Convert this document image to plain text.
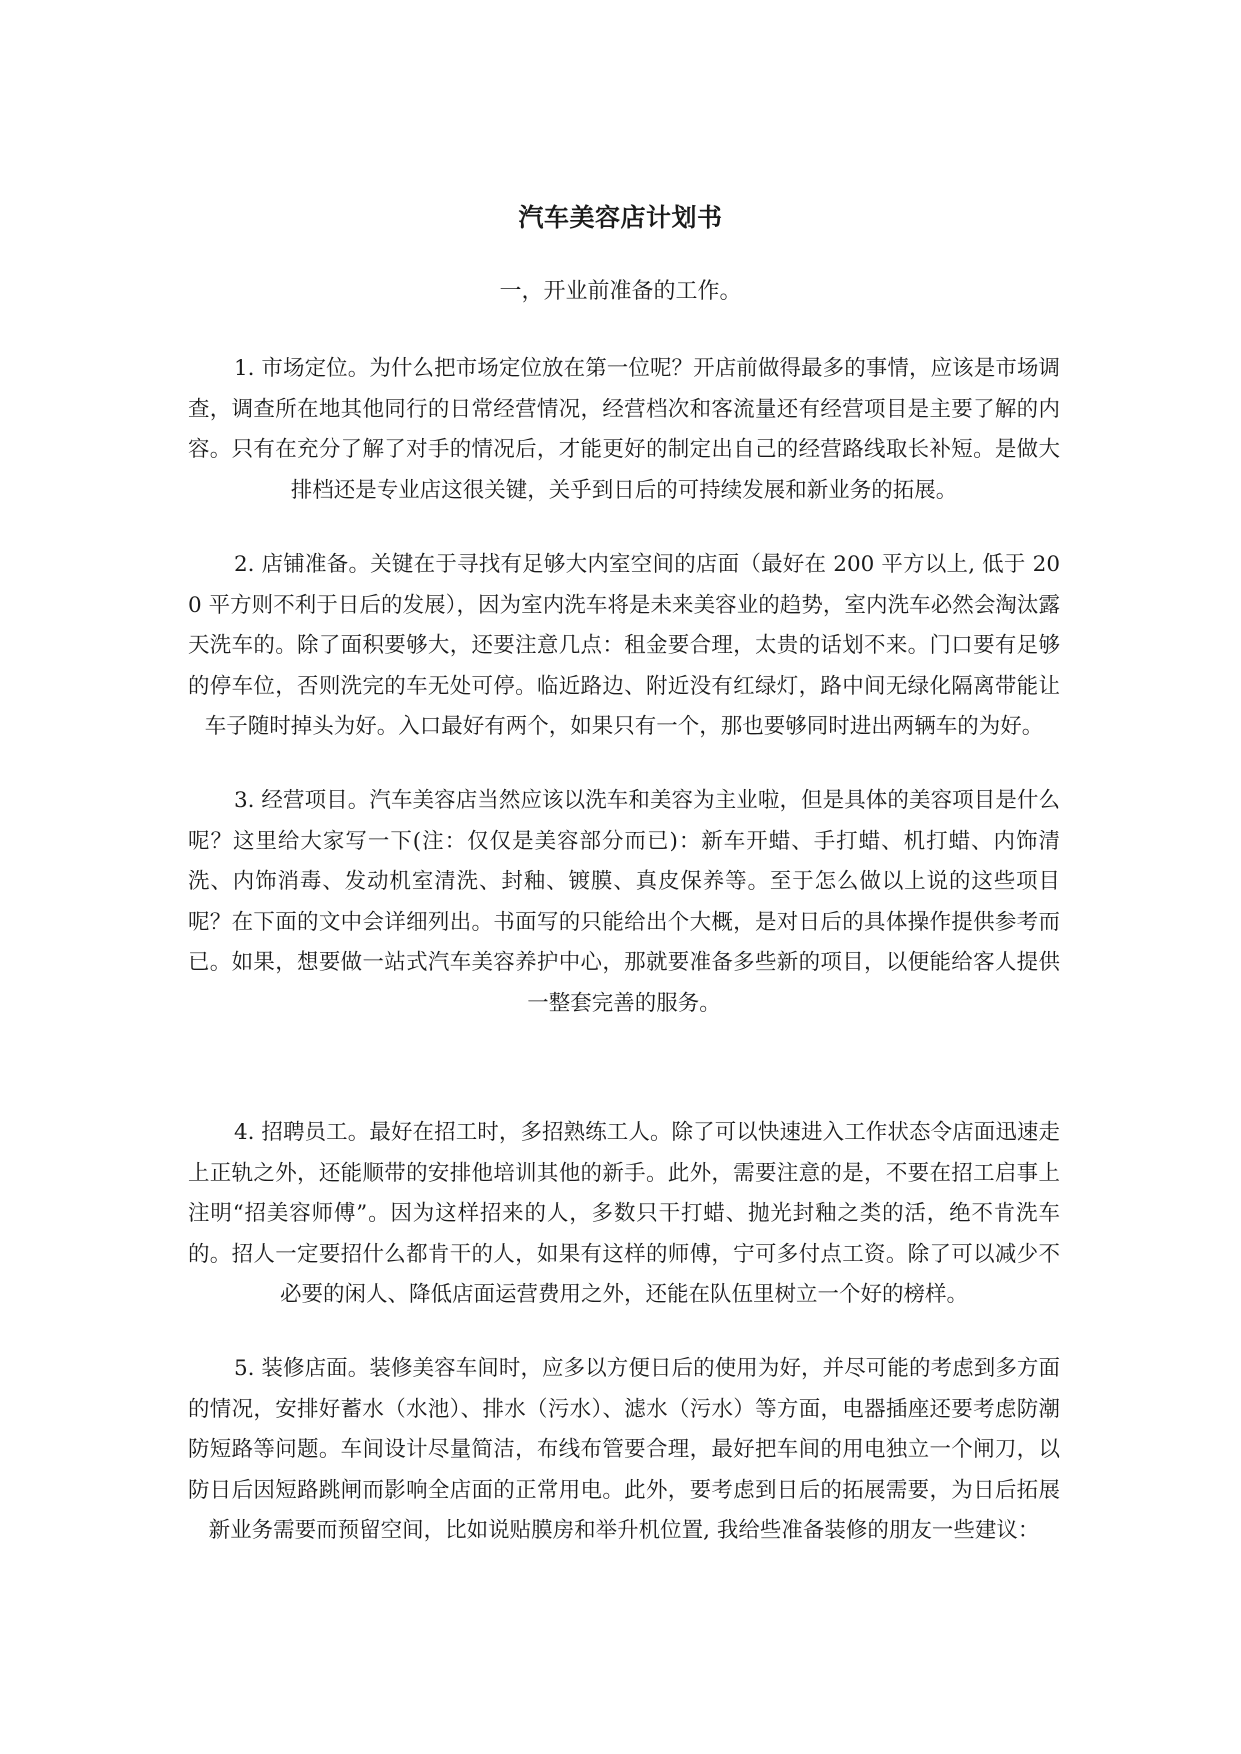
汽车美容店计划书
一，开业前准备的工作。

1. 市场定位。为什么把市场定位放在第一位呢？开店前做得最多的事情，应该是市场调查，调查所在地其他同行的日常经营情况，经营档次和客流量还有经营项目是主要了解的内容。只有在充分了解了对手的情况后，才能更好的制定出自己的经营路线取长补短。是做大排档还是专业店这很关键，关乎到日后的可持续发展和新业务的拓展。

2. 店铺准备。关键在于寻找有足够大内室空间的店面（最好在 200 平方以上, 低于 200 平方则不利于日后的发展），因为室内洗车将是未来美容业的趋势，室内洗车必然会淘汰露天洗车的。除了面积要够大，还要注意几点：租金要合理，太贵的话划不来。门口要有足够的停车位，否则洗完的车无处可停。临近路边、附近没有红绿灯，路中间无绿化隔离带能让车子随时掉头为好。入口最好有两个，如果只有一个，那也要够同时进出两辆车的为好。

3. 经营项目。汽车美容店当然应该以洗车和美容为主业啦，但是具体的美容项目是什么呢？这里给大家写一下(注：仅仅是美容部分而已)：新车开蜡、手打蜡、机打蜡、内饰清洗、内饰消毒、发动机室清洗、封釉、镀膜、真皮保养等。至于怎么做以上说的这些项目呢？在下面的文中会详细列出。书面写的只能给出个大概，是对日后的具体操作提供参考而已。如果，想要做一站式汽车美容养护中心，那就要准备多些新的项目，以便能给客人提供一整套完善的服务。

4. 招聘员工。最好在招工时，多招熟练工人。除了可以快速进入工作状态令店面迅速走上正轨之外，还能顺带的安排他培训其他的新手。此外，需要注意的是，不要在招工启事上注明“招美容师傅”。因为这样招来的人，多数只干打蜡、抛光封釉之类的活，绝不肯洗车的。招人一定要招什么都肯干的人，如果有这样的师傅，宁可多付点工资。除了可以减少不必要的闲人、降低店面运营费用之外，还能在队伍里树立一个好的榜样。

5. 装修店面。装修美容车间时，应多以方便日后的使用为好，并尽可能的考虑到多方面的情况，安排好蓄水（水池）、排水（污水）、滤水（污水）等方面，电器插座还要考虑防潮防短路等问题。车间设计尽量简洁，布线布管要合理，最好把车间的用电独立一个闸刀，以防日后因短路跳闸而影响全店面的正常用电。此外，要考虑到日后的拓展需要，为日后拓展新业务需要而预留空间，比如说贴膜房和举升机位置, 我给些准备装修的朋友一些建议：
